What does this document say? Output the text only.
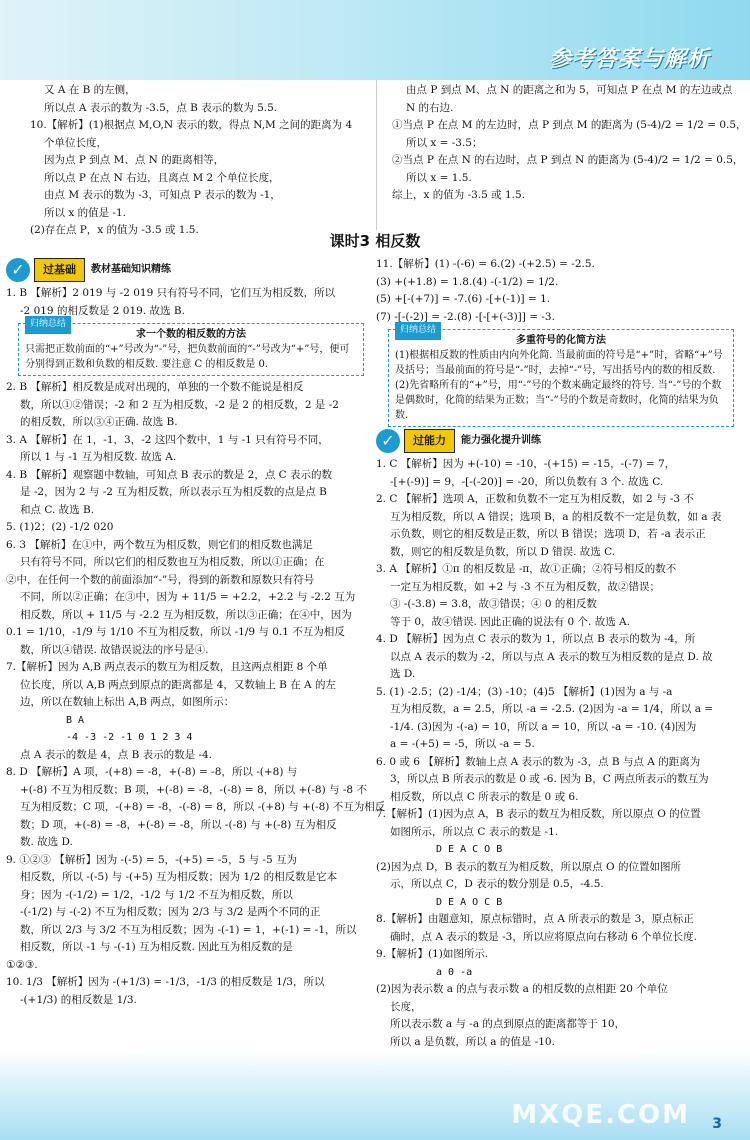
参考答案与解析

又 A 在 B 的左侧，

所以点 A 表示的数为 -3.5，点 B 表示的数为 5.5.

10.【解析】(1)根据点 M,O,N 表示的数，得点 N,M 之间的距离为 4

个单位长度，

因为点 P 到点 M、点 N 的距离相等，

所以点 P 在点 N 右边，且离点 M 2 个单位长度，

由点 M 表示的数为 -3，可知点 P 表示的数为 -1，

所以 x 的值是 -1.

(2)存在点 P，x 的值为 -3.5 或 1.5.

由点 P 到点 M、点 N 的距离之和为 5，可知点 P 在点 M 的左边或点

N 的右边.

①当点 P 在点 M 的左边时，点 P 到点 M 的距离为 (5-4)/2 = 1/2 = 0.5，

所以 x = -3.5；

②当点 P 在点 N 的右边时，点 P 到点 N 的距离为 (5-4)/2 = 1/2 = 0.5，

所以 x = 1.5.

综上，x 的值为 -3.5 或 1.5.

课时3 相反数
✓	过基础	教材基础知识精练

1. B 【解析】2 019 与 -2 019 只有符号不同，它们互为相反数，所以

-2 019 的相反数是 2 019. 故选 B.

归纳总结

求一个数的相反数的方法

只需把正数前面的“+”号改为“-”号，把负数前面的“-”号改为“+”号，便可分别得到正数和负数的相反数. 要注意 C 的相反数是 0.

2. B 【解析】相反数是成对出现的，单独的一个数不能说是相反

数，所以①②错误；-2 和 2 互为相反数，-2 是 2 的相反数，2 是 -2

的相反数，所以③④正确. 故选 B.

3. A 【解析】在 1，-1，3，-2 这四个数中，1 与 -1 只有符号不同，

所以 1 与 -1 互为相反数. 故选 A.

4. B 【解析】观察题中数轴，可知点 B 表示的数是 2，点 C 表示的数

是 -2，因为 2 与 -2 互为相反数，所以表示互为相反数的点是点 B

和点 C. 故选 B.

5. (1)2；(2) -1/2 020

6. 3 【解析】在①中，两个数互为相反数，则它们的相反数也满足

只有符号不同，所以它们的相反数也互为相反数，所以①正确；在

②中，在任何一个数的前面添加“-”号，得到的新数和原数只有符号

不同，所以②正确；在③中，因为 + 11/5 = +2.2，+2.2 与 -2.2 互为

相反数，所以 + 11/5 与 -2.2 互为相反数，所以③正确；在④中，因为

0.1 = 1/10，-1/9 与 1/10 不互为相反数，所以 -1/9 与 0.1 不互为相反

数，所以④错误. 故错误说法的序号是④.

7.【解析】因为 A,B 两点表示的数互为相反数，且这两点相距 8 个单

位长度，所以 A,B 两点到原点的距离都是 4，又数轴上 B 在 A 的左

边，所以在数轴上标出 A,B 两点，如图所示：

B A

-4 -3 -2 -1 0 1 2 3 4

点 A 表示的数是 4，点 B 表示的数是 -4.

8. D 【解析】A 项，-(+8) = -8，+(-8) = -8，所以 -(+8) 与

+(-8) 不互为相反数；B 项，+(-8) = -8，-(-8) = 8，所以 +(-8) 与 -8 不

互为相反数；C 项，-(+8) = -8，-(-8) = 8，所以 -(+8) 与 +(-8) 不互为相反

数；D 项，+(-8) = -8，+(-8) = -8，所以 -(-8) 与 +(-8) 互为相反

数. 故选 D.

9. ①②③ 【解析】因为 -(-5) = 5，-(+5) = -5，5 与 -5 互为

相反数，所以 -(-5) 与 -(+5) 互为相反数；因为 1/2 的相反数是它本

身；因为 -(-1/2) = 1/2，-1/2 与 1/2 不互为相反数，所以

-(-1/2) 与 -(-2) 不互为相反数；因为 2/3 与 3/2 是两个不同的正

数，所以 2/3 与 3/2 不互为相反数；因为 -(-1) = 1，+(-1) = -1，所以

相反数，所以 -1 与 -(-1) 互为相反数. 因此互为相反数的是

①②③.

10. 1/3 【解析】因为 -(+1/3) = -1/3，-1/3 的相反数是 1/3，所以

-(+1/3) 的相反数是 1/3.

11.【解析】(1) -(-6) = 6.(2) -(+2.5) = -2.5.

(3) +(+1.8) = 1.8.(4) -(-1/2) = 1/2.

(5) +[-(+7)] = -7.(6) -[+(-1)] = 1.

(7) -[-(-2)] = -2.(8) -[-[+(-3)]] = -3.

归纳总结

多重符号的化简方法

(1)根据相反数的性质由内向外化简. 当最前面的符号是“+”时，省略“+”号及括号；当最前面的符号是“-”时，去掉“-”号，写出括号内的数的相反数. (2)先省略所有的“+”号，用“-”号的个数来确定最终的符号. 当“-”号的个数是偶数时，化简的结果为正数；当“-”号的个数是奇数时，化简的结果为负数.

✓	过能力	能力强化提升训练

1. C 【解析】因为 +(-10) = -10，-(+15) = -15，-(-7) = 7，

-[+(-9)] = 9，-[-(-20)] = -20，所以负数有 3 个. 故选 C.

2. C 【解析】选项 A，正数和负数不一定互为相反数，如 2 与 -3 不

互为相反数，所以 A 错误；选项 B，a 的相反数不一定是负数，如 a 表

示负数，则它的相反数是正数，所以 B 错误；选项 D，若 -a 表示正

数，则它的相反数是负数，所以 D 错误. 故选 C.

3. A 【解析】①π 的相反数是 -π，故①正确；②符号相反的数不

一定互为相反数，如 +2 与 -3 不互为相反数，故②错误；

③ -(-3.8) = 3.8，故③错误；④ 0 的相反数

等于 0，故④错误. 因此正确的说法有 0 个. 故选 A.

4. D 【解析】因为点 C 表示的数为 1，所以点 B 表示的数为 -4，所

以点 A 表示的数为 -2，所以与点 A 表示的数互为相反数的是点 D. 故

选 D.

5. (1) -2.5；(2) -1/4；(3) -10；(4)5 【解析】(1)因为 a 与 -a

互为相反数，a = 2.5，所以 -a = -2.5. (2)因为 -a = 1/4，所以 a =

-1/4. (3)因为 -(-a) = 10，所以 a = 10，所以 -a = -10. (4)因为

a = -(+5) = -5，所以 -a = 5.

6. 0 或 6 【解析】数轴上点 A 表示的数为 -3，点 B 与点 A 的距离为

3，所以点 B 所表示的数是 0 或 -6. 因为 B，C 两点所表示的数互为

相反数，所以点 C 所表示的数是 0 或 6.

7.【解析】(1)因为点 A，B 表示的数互为相反数，所以原点 O 的位置

如图所示，所以点 C 表示的数是 -1.

D E A C O B

(2)因为点 D，B 表示的数互为相反数，所以原点 O 的位置如图所

示，所以点 C，D 表示的数分别是 0.5，-4.5.

D E A O C B

8.【解析】由题意知，原点标错时，点 A 所表示的数是 3，原点标正

确时，点 A 表示的数是 -3，所以应将原点向右移动 6 个单位长度.

9.【解析】(1)如图所示.

a 0 -a

(2)因为表示数 a 的点与表示数 a 的相反数的点相距 20 个单位

长度，

所以表示数 a 与 -a 的点到原点的距离都等于 10，

所以 a 是负数，所以 a 的值是 -10.

MXQE.COM 3
